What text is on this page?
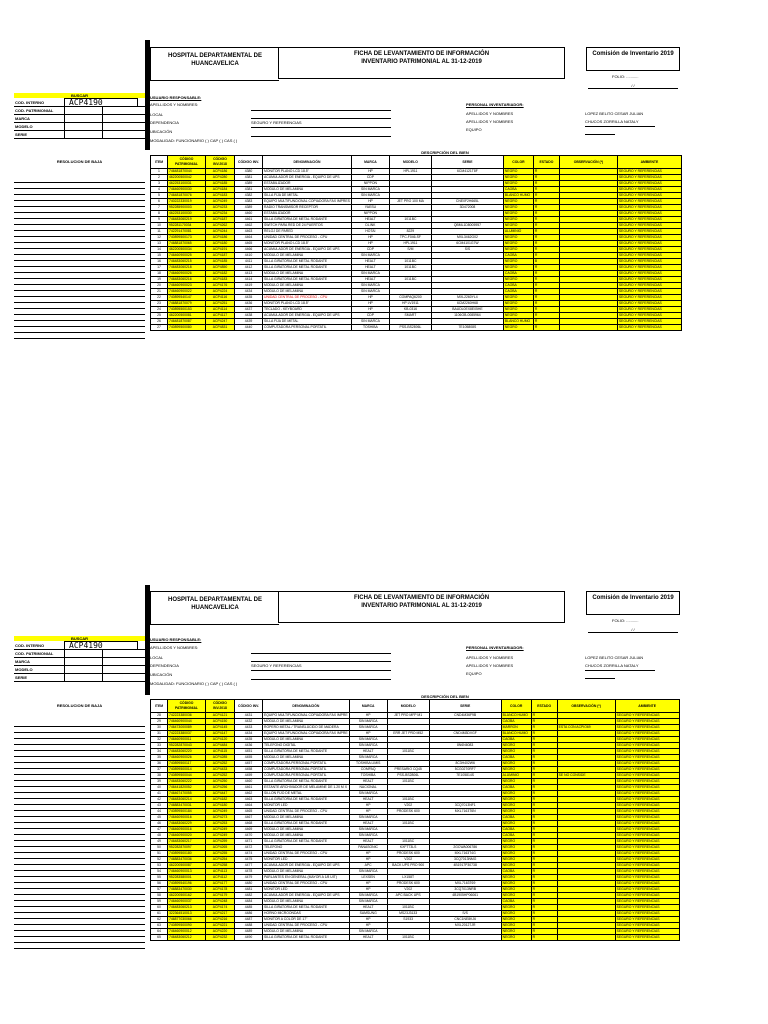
HOSPITAL DEPARTAMENTAL DE HUANCAVELICA
FICHA DE LEVANTAMIENTO DE INFORMACIÓN
INVENTARIO PATRIMONIAL AL 31-12-2019
Comisión de Inventario 2019
FOLIO: ...........
/ /
BUSCAR
COD. INTERNO	ACP4190
COD. PATRIMONIAL
MARCA
MODELO
SERIE
USUARIO RESPONSABLE:
APELLIDOS Y NOMBRES:
LOCAL
DEPENDENCIA	SEGURO Y REFERENCIAS
UBICACIÓN
MODALIDAD: FUNCIONARIO ( ) CAP ( ) CAS ( )
PERSONAL INVENTARIADOR:
APELLIDOS Y NOMBRES
APELLIDOS Y NOMBRES
EQUIPO
LOPEZ BELITO CESAR JULIAN
CHUCOS ZORRILLA NATALY
RESOLUCION DE BAJA
DESCRIPCIÓN DEL BIEN
ITEM	CÓDIGO PATRIMONIAL	CÓDIGO INV.2018	CÓDIGO INV.	DENOMINACIÓN	MARCA	MODELO	SERIE	COLOR	ESTADO	OBSERVACIÓN (*)	AMBIENTE
1	746481870044	ACP4186	4380	MONITOR PLANO LCD 18.5"	HP	HPL1911	6CM4121T8F	NEGRO	R		SEGURO Y REFERENCIAS
2	462200500042	ACP4280	4381	ACUMULADOR DE ENERGIA - EQUIPO DE UPS	CDP			NEGRO	R		SEGURO Y REFERENCIAS
3	462253100031	ACP4185	4389	ESTABILIZADOR	NIPPON			NEGRO	R		SEGURO Y REFERENCIAS
4	746460900030	ACP4184	4381	MODULO DE MELAMINA	SIN MARCA			CAOBA	R		SEGURO Y REFERENCIAS
5	746481870076	ACP4183	4382	SILLA FIJA DE METAL	SIN MARCA			BLANCO HUMO	R		SEGURO Y REFERENCIAS
6	740222330019	ACP4249	4383	EQUIPO MULTIFUNCIONAL COPIADORA FAX IMPRES	HP	JET PRO 100 MA	CNE0F2H665L	NEGRO	R		SEGURO Y REFERENCIAS
7	952285900003	ACP4233	4389	RADIO TRANSMISOR RECEPTOR	YAESU		3D472008	NEGRO	R		SEGURO Y REFERENCIAS
8	462253100030	ACP4234	4460	ESTABILIZADOR	NIPPON			NEGRO	R		SEGURO Y REFERENCIAS
9	746483060219	ACP4187	4461	SILLA GIRATORIA DE METAL RODANTE	HEALT	1011BC		NEGRO	R		SEGURO Y REFERENCIAS
10	952281170034	ACP4262	4462	SWITCH PARA RED DE 24 PUERTOS	DLINK		QBML1D8005957	NEGRO	R		SEGURO Y REFERENCIAS
11	742291470081	ACP4244	4463	RELOJ DE PARED	HOTAI	8229		ALUMINIO	R		SEGURO Y REFERENCIAS
12	740899500173	ACP4186	4464	UNIDAD CENTRAL DE PROCESO - CPU	HP	TPC-F046-SF	MXL3462G02	NEGRO	R		SEGURO Y REFERENCIAS
13	746881870065	ACP4180	4465	MONITOR PLANO LCD 18.5"	HP	HPL1911	6CM4101G7W	NEGRO	R		SEGURO Y REFERENCIAS
14	462200500034	ACP4191	4466	ACUMULADOR DE ENERGIA - EQUIPO DE UPS	CDP	S/M	S/S	NEGRO	R		SEGURO Y REFERENCIAS
15	746460900025	ACP4187	4410	MODULO DE MELAMINA	SIN MARCA			CAOBA	R		SEGURO Y REFERENCIAS
16	746483060215	ACP4185	4411	SILLA GIRATORIA DE METAL RODANTE	HEALT	1011BC		NEGRO	B		SEGURO Y REFERENCIAS
17	746483060218	ACP4850	4412	SILLA GIRATORIA DE METAL RODANTE	HEALT	1011BC		NEGRO	R		SEGURO Y REFERENCIAS
18	746460900026	ACP4182	4413	MODULO DE MELAMINA	SIN MARCA			CAOBA	R		SEGURO Y REFERENCIAS
19	746483060216	ACP4183	4414	SILLA GIRATORIA DE METAL RODANTE	HEALT	1011BC		NEGRO	R		SEGURO Y REFERENCIAS
20	746460900023	ACP4176	4419	MODULO DE MELAMINA	SIN MARCA			CAOBA	R		SEGURO Y REFERENCIAS
21	746460900022	ACP4224	4434	MODULO DE MELAMINA	SIN MARCA			CAOBA	R		SEGURO Y REFERENCIAS
22	740899540147	ACP4116	4435	UNIDAD CENTRAL DE PROCESO - CPU	HP	COMPAQ6200	MXL2260YL4	NEGRO	R		SEGURO Y REFERENCIAS
23	746881870079	ACP4251	4436	MONITOR PLANO LCD 18.5"	HP	HP LV1911	6CM2260H68	NEGRO	R		SEGURO Y REFERENCIAS
24	740895500153	ACP4114	4437	TECLADO - KEYBOARD	HP	KB-0316	BAUDL0EX8E05HE	NEGRO	R		SEGURO Y REFERENCIAS
25	462200500081	ACP4117	4438	ACUMULADOR DE ENERGIA - EQUIPO DE UPS	CDP	SMART	1106OB-0085964	NEGRO	R		SEGURO Y REFERENCIAS
26	746481870087	ACP4247	4439	SILLA FIJA DE METAL	SIN MARCA			BLANCO HUMO	R		SEGURO Y REFERENCIAS
27	740899500080	ACP4831	4440	COMPUTADORA PERSONAL PORTATIL	TOSHIBA	PSS-BS2806L	7E105808S	NEGRO	R		SEGURO Y REFERENCIAS
HOSPITAL DEPARTAMENTAL DE HUANCAVELICA
FICHA DE LEVANTAMIENTO DE INFORMACIÓN
INVENTARIO PATRIMONIAL AL 31-12-2019
Comisión de Inventario 2019
FOLIO: ...........
/ /
BUSCAR
COD. INTERNO	ACP4190
COD. PATRIMONIAL
MARCA
MODELO
SERIE
USUARIO RESPONSABLE:
APELLIDOS Y NOMBRES:
LOCAL
DEPENDENCIA	SEGURO Y REFERENCIAS
UBICACIÓN
MODALIDAD: FUNCIONARIO ( ) CAP ( ) CAS ( )
PERSONAL INVENTARIADOR:
APELLIDOS Y NOMBRES
APELLIDOS Y NOMBRES
EQUIPO
LOPEZ BELITO CESAR JULIAN
CHUCOS ZORRILLA NATALY
RESOLUCION DE BAJA
DESCRIPCIÓN DEL BIEN
ITEM	CÓDIGO PATRIMONIAL	CÓDIGO INV.2018	CÓDIGO INV.	DENOMINACIÓN	MARCA	MODELO	SERIE	COLOR	ESTADO	OBSERVACIÓN (*)	AMBIENTE
28	742223380036	ACP4121	4431	EQUIPO MULTIFUNCIONAL COPIADORA FAX IMPRE	HP	JET PRO MFP M1	CND4M36F9B	BLANCO HUMO	R		SEGURO Y REFERENCIAS
29	746460900044	ACP4150	4432	MODULO DE MELAMINA	SIN MARCA			CAOBA	R		SEGURO Y REFERENCIAS
30	746473000089	ACP4145	4433	ROPERO METAL / TRANSLÚCIDO DE MADERA	SIN MARCA			MARRON	R	ESTA CON ACPIO69	SEGURO Y REFERENCIAS
31	742223380037	ACP4147	4434	EQUIPO MULTIFUNCIONAL COPIADORA FAX IMPRE	HP	ERR JET PRO M52	CND4M3DVGF	BLANCO HUMO	R		SEGURO Y REFERENCIAS
32	746460900011	ACP4120	4435	MODULO DE MELAMINA	SIN MARCA			CAOBA	R		SEGURO Y REFERENCIAS
33	952282870043	ACP4484	4436	TELEFONO DIGITAL	SIN MARCA		8N6N6083	NEGRO	R		SEGURO Y REFERENCIAS
34	746483060220	ACP4115	4451	SILLA GIRATORIA DE METAL RODANTE	HEALT	1011BC		NEGRO	R		SEGURO Y REFERENCIAS
35	746460900026	ACP4285	4455	MODULO DE MELAMINA	SIN MARCA			CAOBA	R		SEGURO Y REFERENCIAS
36	740899500117	ACP4252	4457	COMPUTADORA PERSONAL PORTATIL	TOSHIBA LIMIS		8C3H402W6	NEGRO	R		SEGURO Y REFERENCIAS
37	740899500014	ACP4433	4458	COMPUTADORA PERSONAL PORTATIL	COMPAQ	PRESARIO CQ45	5CG0270RF7	NEGRO	R		SEGURO Y REFERENCIAS
38	740899500044	ACP4252	4459	COMPUTADORA PERSONAL PORTATIL	TOSHIBA	PSS-BS2806L	7E105814S	ALUMINIO	R	SE NO CONSIDE	SEGURO Y REFERENCIAS
39	746483060222	ACP4250	4460	SILLA GIRATORIA DE METAL RODANTE	HEALT	1011BC		NEGRO	R		SEGURO Y REFERENCIAS
40	746441820052	ACP4256	4461	ESTANTE ARCHIVADOR DE MELAMINE DE 1.20 M X	NACIONAL			CAOBA	R		SEGURO Y REFERENCIAS
41	746467470055	ACP4447	4462	SILLON FIJO DE METAL	SIN MARCA			NEGRO	R		SEGURO Y REFERENCIAS
42	746483060214	ACP4182	4463	SILLA GIRATORIA DE METAL RODANTE	HEALT	1011BC		NEGRO	R		SEGURO Y REFERENCIAS
43	746883470031	ACP4180	4464	MONITOR LED	HP	V202	3CQ7013NF1	NEGRO	R		SEGURO Y REFERENCIAS
44	740899500184	ACP4249	4465	UNIDAD CENTRAL DE PROCESO - CPU	HP	PRODESK 600	MXL7163T6N	NEGRO	R		SEGURO Y REFERENCIAS
45	746460900016	ACP4273	4467	MODULO DE MELAMINA	SIN MARCA			CAOBA	R		SEGURO Y REFERENCIAS
46	746483060229	ACP4253	4468	SILLA GIRATORIA DE METAL RODANTE	HEALT	1011BC		NEGRO	R		SEGURO Y REFERENCIAS
47	746460900016	ACP4249	4469	MODULO DE MELAMINA	SIN MARCA			CAOBA	R		SEGURO Y REFERENCIAS
48	746460900020	ACP4249	4470	MODULO DE MELAMINA	SIN MARCA			CAOBA	R		SEGURO Y REFERENCIAS
49	746483060217	ACP4259	4471	SILLA GIRATORIA DE METAL RODANTE	HEALT	1011BC		NEGRO	R		SEGURO Y REFERENCIAS
50	952282870097	ACP4265	4472	TELEFONO	PANASONIC	KXFT73LS	2GCWA006786	NEGRO	R		SEGURO Y REFERENCIAS
51	740899500180	ACP4255	4474	UNIDAD CENTRAL DE PROCESO - CPU	HP	PRODESK 600	MXL7163T4G	NEGRO	R		SEGURO Y REFERENCIAS
52	746883470036	ACP4254	4475	MONITOR LED	HP	V202	3CQ7013NMG	NEGRO	R		SEGURO Y REFERENCIAS
53	462200500087	ACP4258	4477	ACUMULADOR DE ENERGIA - EQUIPO DE UPS	APC	BACK UPS PRO 900	4B1917P30738	NEGRO	R		SEGURO Y REFERENCIAS
54	746460900013	ACP4113	4478	MODULO DE MELAMINA	SIN MARCA			CAOBA	R		SEGURO Y REFERENCIAS
55	952283580001	ACP4112	4479	PARLANTES EN GENERAL (MAYOR A 1/8 UIT)	LEXSEN	LX158T		NEGRO	R		SEGURO Y REFERENCIAS
56	740899540196	ACP4177	4480	UNIDAD CENTRAL DE PROCESO - CPU	HP	PRODESK 600	MXL7163T69	NEGRO	R		SEGURO Y REFERENCIAS
57	746883470030	ACP4178	4481	MONITOR LED	HP	V202	3CQ7013NRB	NEGRO	R		SEGURO Y REFERENCIAS
58	462200500162	ACP4179	4482	ACUMULADOR DE ENERGIA - EQUIPO DE UPS	SIN MARCA	APC BACK UPS	4B1905HP06061	NEGRO	R		SEGURO Y REFERENCIAS
59	746460900037	ACP4248	4484	MODULO DE MELAMINA	SIN MARCA			CAOBA	R		SEGURO Y REFERENCIAS
60	746483060213	ACP4174	4485	SILLA GIRATORIA DE METAL RODANTE	HEALT	1011BC		NEGRO	R		SEGURO Y REFERENCIAS
61	322364510013	ACP4217	4486	HORNO MICROONDAS	SAMSUNG	MS23J3133	S/S	NEGRO	R		SEGURO Y REFERENCIAS
62	746877030066	ACP4216	4487	MONITOR A COLOR DE 17"	HP	S1933	CNC1NE8KJ6	NEGRO	R		SEGURO Y REFERENCIAS
63	740899500090	ACP4221	4488	UNIDAD CENTRAL DE PROCESO - CPU	HP		MXL20127JR	NEGRO	R		SEGURO Y REFERENCIAS
64	746460900012	ACP4220	4489	MODULO DE MELAMINA	SIN MARCA			NEGRO	R		SEGURO Y REFERENCIAS
65	746483060212	ACP4232	4490	SILLA GIRATORIA DE METAL RODANTE	HEALT	1011BC		NEGRO	R		SEGURO Y REFERENCIAS
